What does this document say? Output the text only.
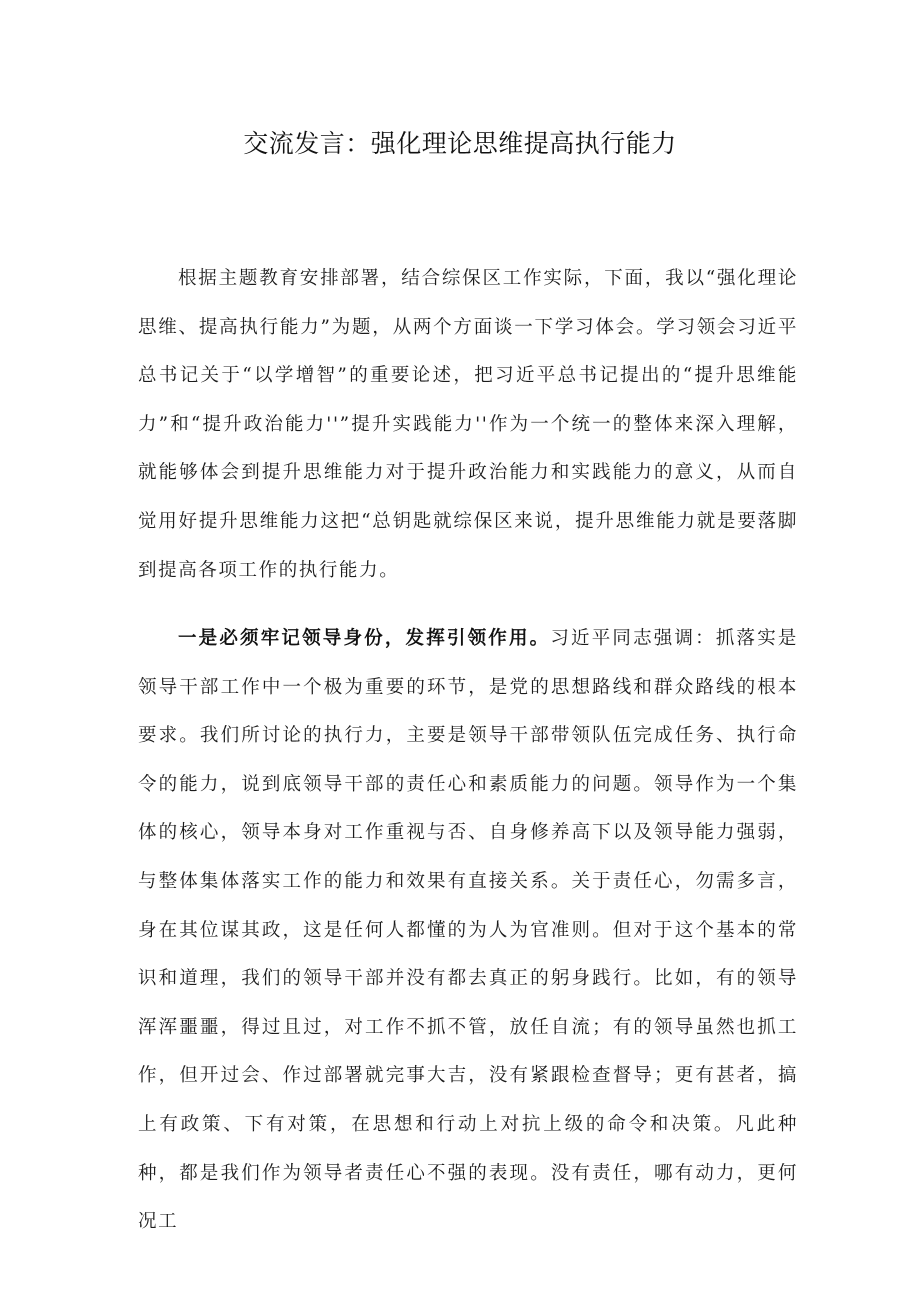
交流发言：强化理论思维提高执行能力

根据主题教育安排部署，结合综保区工作实际，下面，我以“强化理论思维、提高执行能力”为题，从两个方面谈一下学习体会。学习领会习近平总书记关于“以学增智”的重要论述，把习近平总书记提出的“提升思维能力”和“提升政治能力''”提升实践能力''作为一个统一的整体来深入理解，就能够体会到提升思维能力对于提升政治能力和实践能力的意义，从而自觉用好提升思维能力这把“总钥匙就综保区来说，提升思维能力就是要落脚到提高各项工作的执行能力。

一是必须牢记领导身份，发挥引领作用。习近平同志强调：抓落实是领导干部工作中一个极为重要的环节，是党的思想路线和群众路线的根本要求。我们所讨论的执行力，主要是领导干部带领队伍完成任务、执行命令的能力，说到底领导干部的责任心和素质能力的问题。领导作为一个集体的核心，领导本身对工作重视与否、自身修养高下以及领导能力强弱，与整体集体落实工作的能力和效果有直接关系。关于责任心，勿需多言，身在其位谋其政，这是任何人都懂的为人为官准则。但对于这个基本的常识和道理，我们的领导干部并没有都去真正的躬身践行。比如，有的领导浑浑噩噩，得过且过，对工作不抓不管，放任自流；有的领导虽然也抓工作，但开过会、作过部署就完事大吉，没有紧跟检查督导；更有甚者，搞上有政策、下有对策，在思想和行动上对抗上级的命令和决策。凡此种种，都是我们作为领导者责任心不强的表现。没有责任，哪有动力，更何况工
